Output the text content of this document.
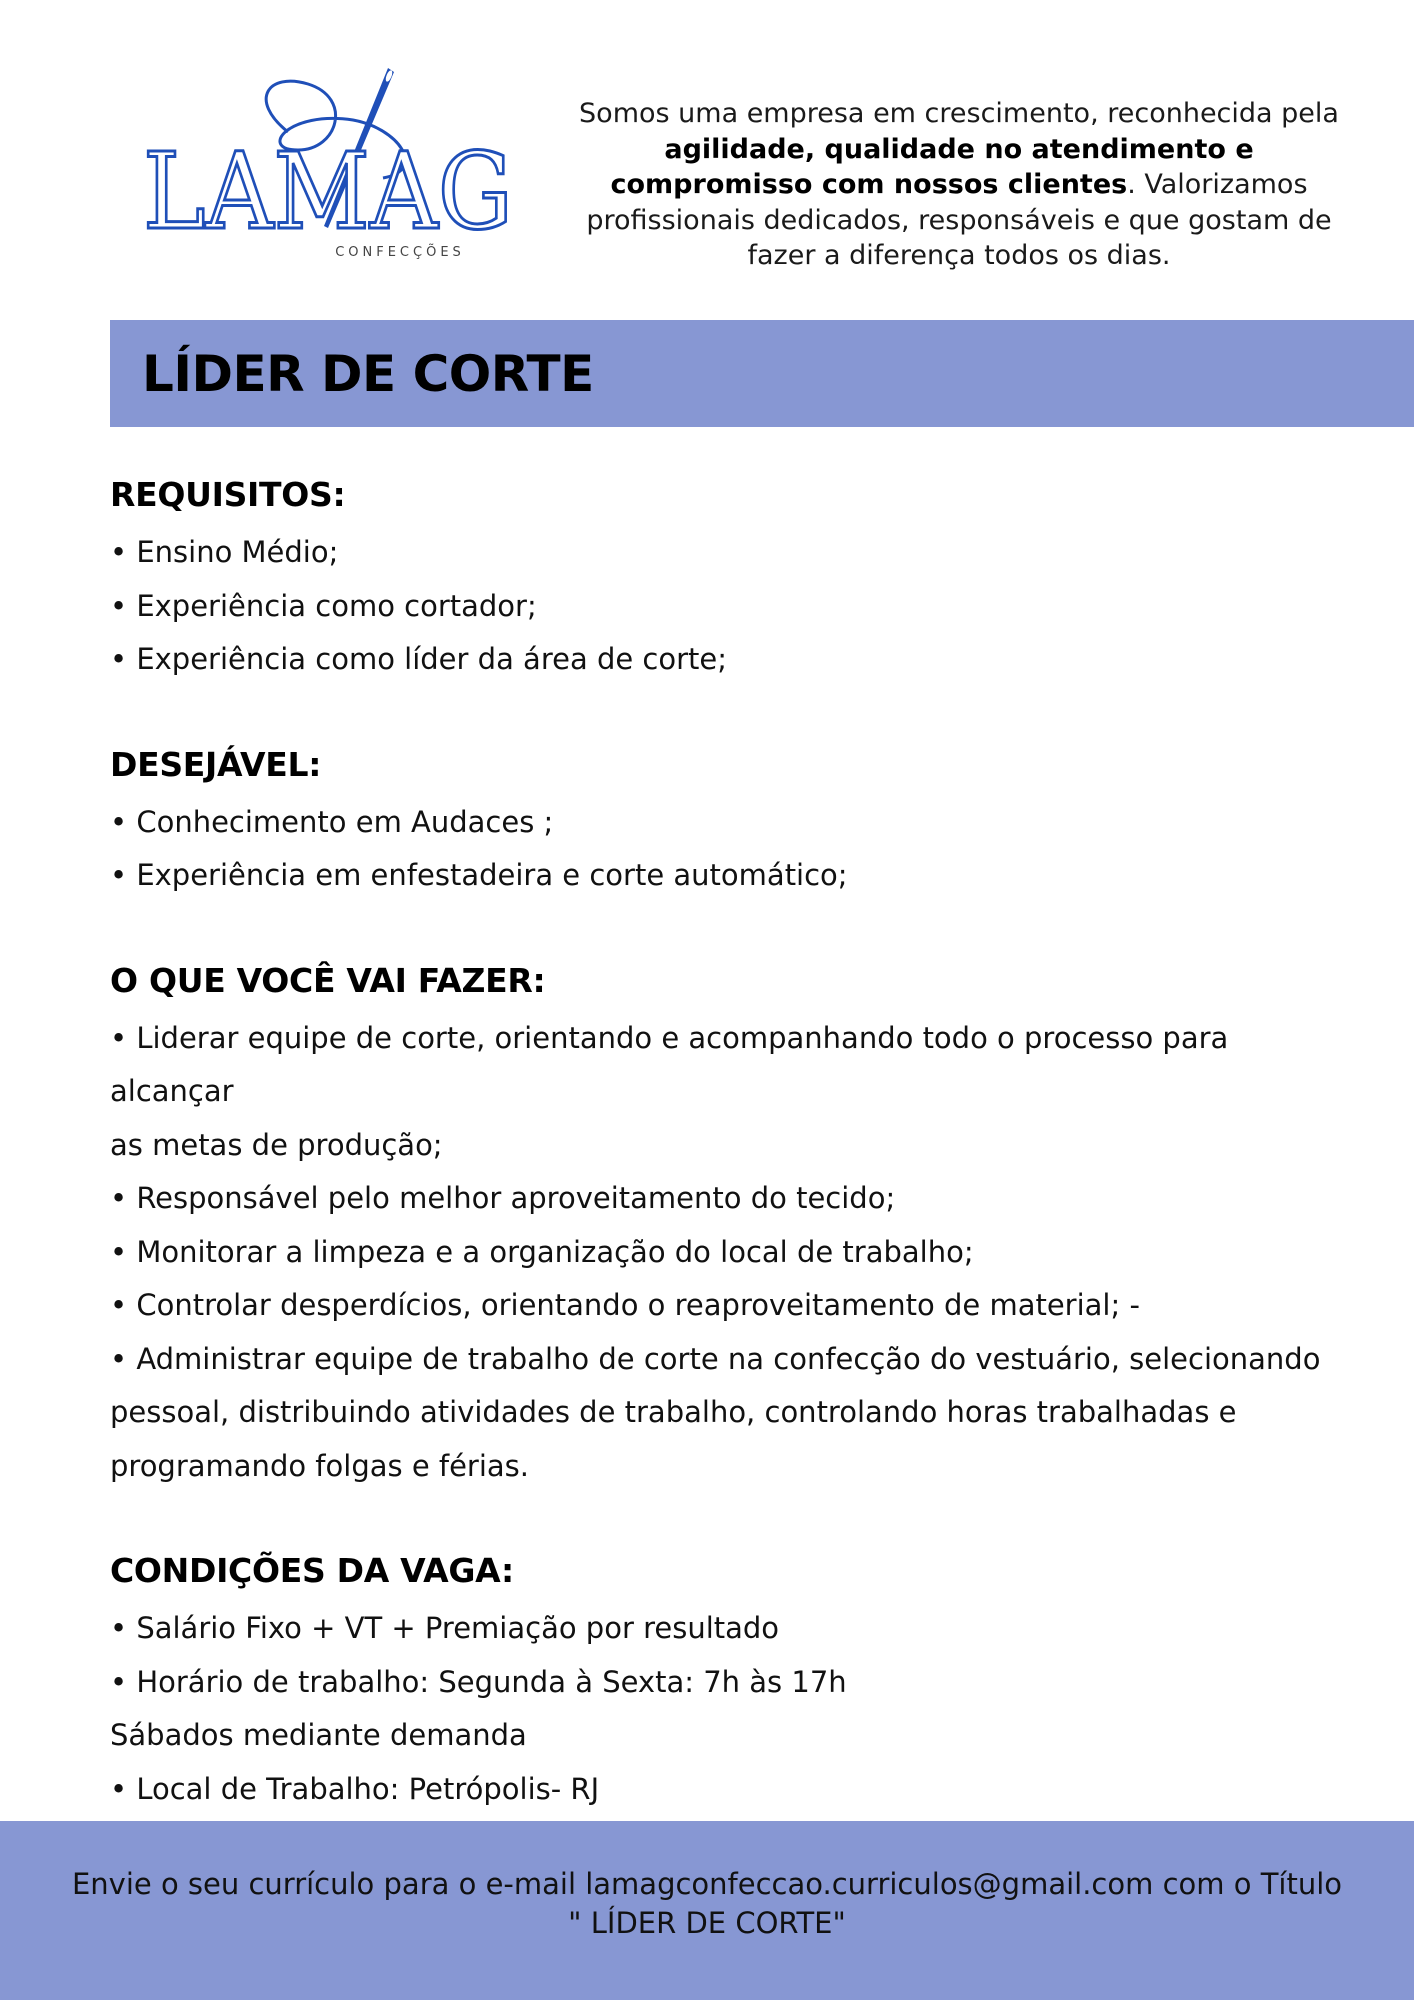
LAMAG
CONFECÇÕES
Somos uma empresa em crescimento, reconhecida pela agilidade, qualidade no atendimento e compromisso com nossos clientes. Valorizamos profissionais dedicados, responsáveis e que gostam de fazer a diferença todos os dias.
LÍDER DE CORTE
REQUISITOS:
• Ensino Médio;
• Experiência como cortador;
• Experiência como líder da área de corte;
DESEJÁVEL:
• Conhecimento em Audaces ;
• Experiência em enfestadeira e corte automático;
O QUE VOCÊ VAI FAZER:
• Liderar equipe de corte, orientando e acompanhando todo o processo para alcançar
as metas de produção;
• Responsável pelo melhor aproveitamento do tecido;
• Monitorar a limpeza e a organização do local de trabalho;
• Controlar desperdícios, orientando o reaproveitamento de material; -
• Administrar equipe de trabalho de corte na confecção do vestuário, selecionando
pessoal, distribuindo atividades de trabalho, controlando horas trabalhadas e
programando folgas e férias.
CONDIÇÕES DA VAGA:
• Salário Fixo + VT + Premiação por resultado
• Horário de trabalho: Segunda à Sexta: 7h às 17h
Sábados mediante demanda
• Local de Trabalho: Petrópolis- RJ
Envie o seu currículo para o e-mail lamagconfeccao.curriculos@gmail.com com o Título
" LÍDER DE CORTE"
